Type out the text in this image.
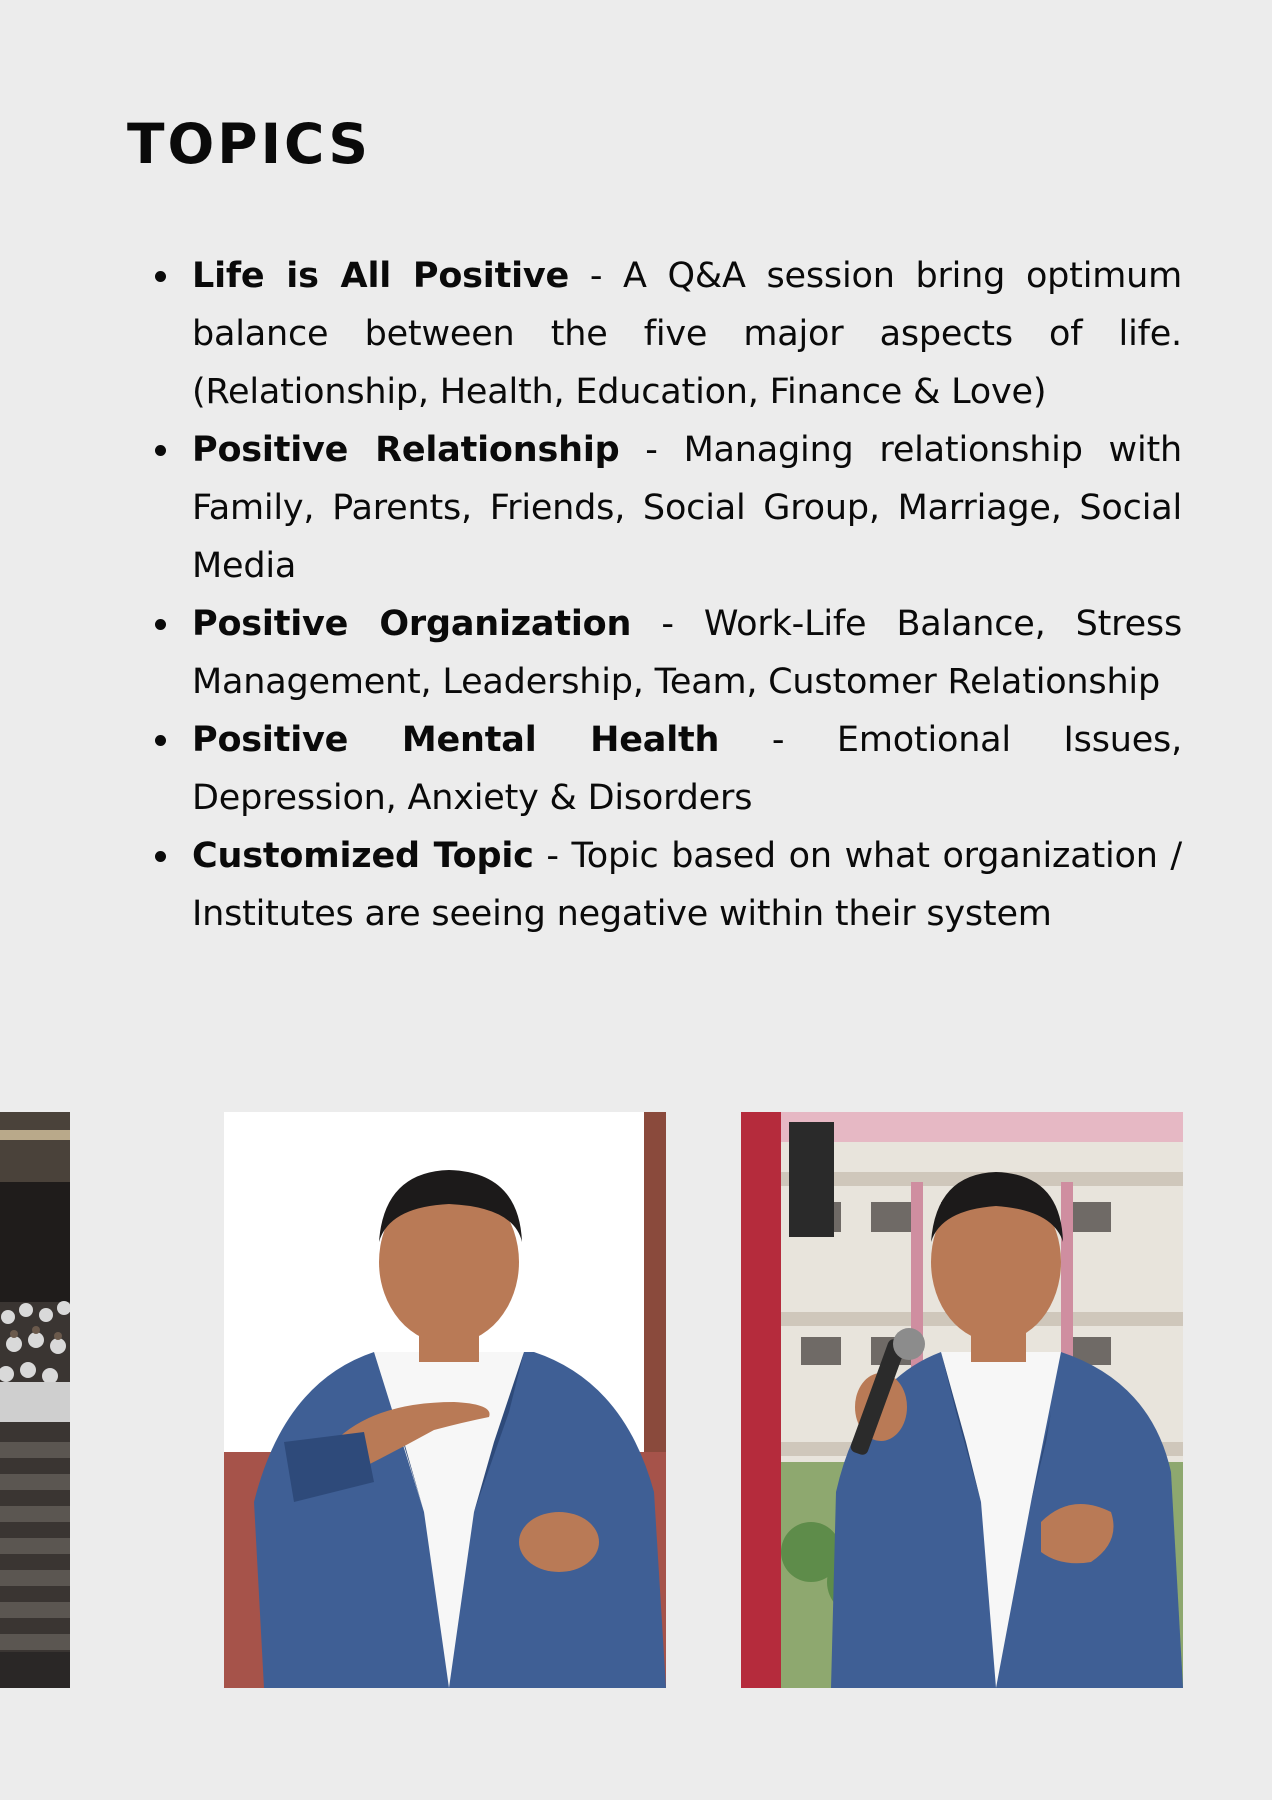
TOPICS
Life is All Positive - A Q&A session bring optimum balance between the five major aspects of life. (Relationship, Health, Education, Finance & Love)
Positive Relationship - Managing relationship with Family, Parents, Friends, Social Group, Marriage, Social Media
Positive Organization - Work-Life Balance, Stress Management, Leadership, Team, Customer Relationship
Positive Mental Health - Emotional Issues, Depression, Anxiety & Disorders
Customized Topic - Topic based on what organization / Institutes are seeing negative within their system
